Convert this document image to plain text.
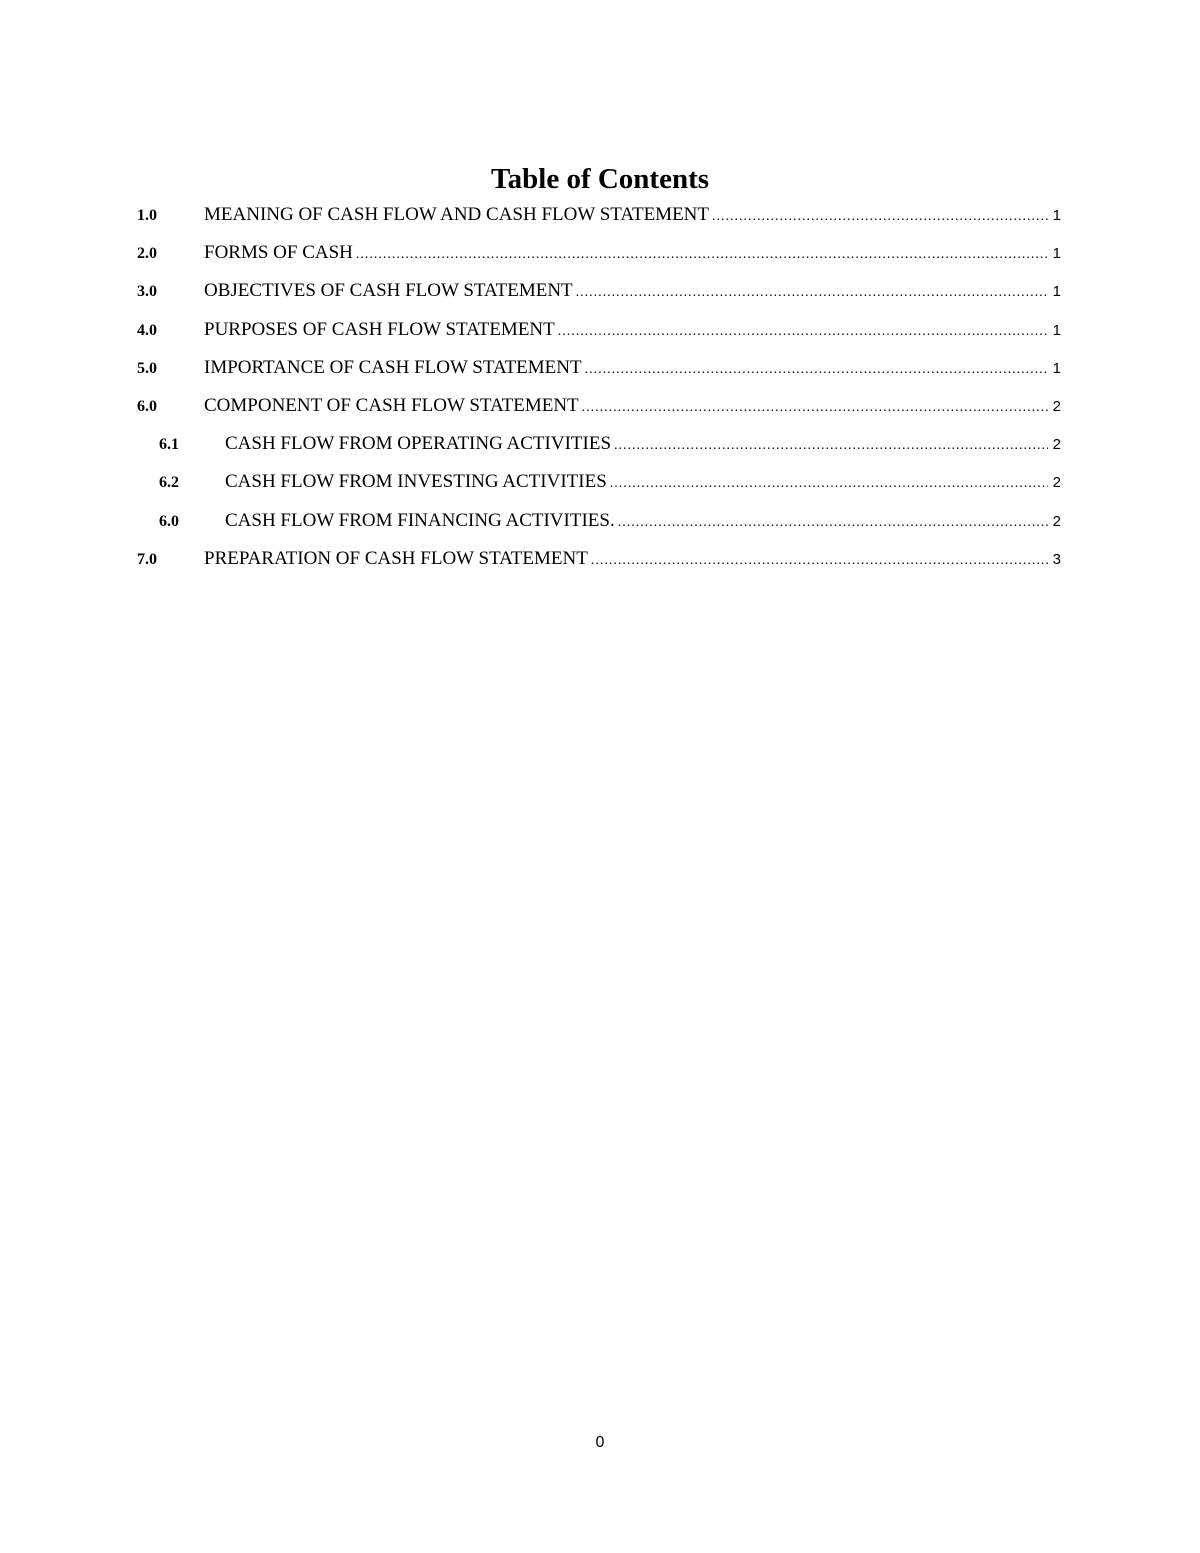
Table of Contents
1.0	MEANING OF CASH FLOW AND CASH FLOW STATEMENT .....	1
2.0	FORMS OF CASH .....	1
3.0	OBJECTIVES OF CASH FLOW STATEMENT .....	1
4.0	PURPOSES OF CASH FLOW STATEMENT .....	1
5.0	IMPORTANCE OF CASH FLOW STATEMENT .....	1
6.0	COMPONENT OF CASH FLOW STATEMENT .....	2
6.1	CASH FLOW FROM OPERATING ACTIVITIES .....	2
6.2	CASH FLOW FROM INVESTING ACTIVITIES .....	2
6.0	CASH FLOW FROM FINANCING ACTIVITIES. .....	2
7.0	PREPARATION OF CASH FLOW STATEMENT .....	3
0
